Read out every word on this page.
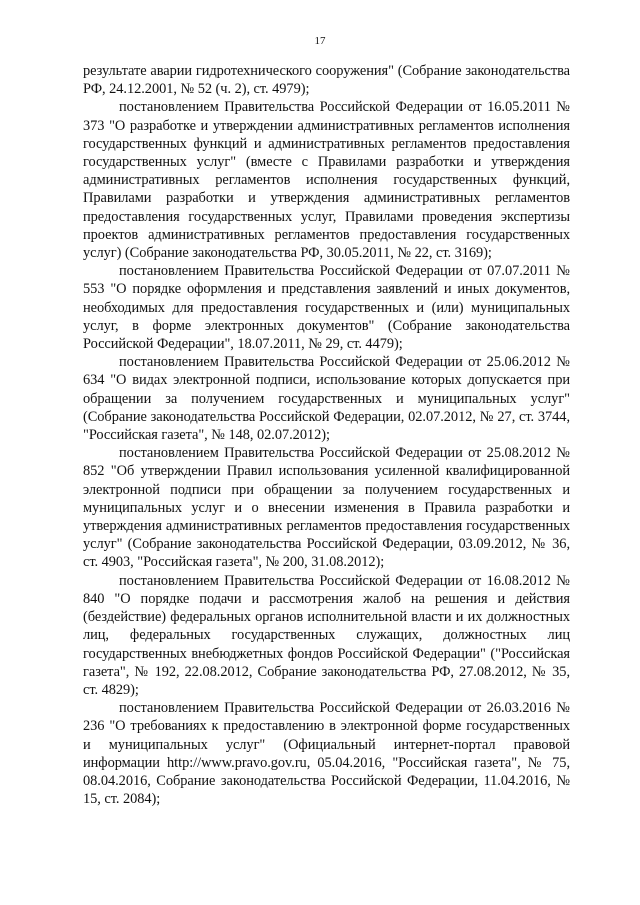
17

результате аварии гидротехнического сооружения" (Собрание законодательства РФ, 24.12.2001, № 52 (ч. 2), ст. 4979);

постановлением Правительства Российской Федерации от 16.05.2011 № 373 "О разработке и утверждении административных регламентов исполнения государственных функций и административных регламентов предоставления государственных услуг" (вместе с Правилами разработки и утверждения административных регламентов исполнения государственных функций, Правилами разработки и утверждения административных регламентов предоставления государственных услуг, Правилами проведения экспертизы проектов административных регламентов предоставления государственных услуг) (Собрание законодательства РФ, 30.05.2011, № 22, ст. 3169);

постановлением Правительства Российской Федерации от 07.07.2011 № 553 "О порядке оформления и представления заявлений и иных документов, необходимых для предоставления государственных и (или) муниципальных услуг, в форме электронных документов" (Собрание законодательства Российской Федерации", 18.07.2011, № 29, ст. 4479);

постановлением Правительства Российской Федерации от 25.06.2012 № 634 "О видах электронной подписи, использование которых допускается при обращении за получением государственных и муниципальных услуг" (Собрание законодательства Российской Федерации, 02.07.2012, № 27, ст. 3744, "Российская газета", № 148, 02.07.2012);

постановлением Правительства Российской Федерации от 25.08.2012 № 852 "Об утверждении Правил использования усиленной квалифицированной электронной подписи при обращении за получением государственных и муниципальных услуг и о внесении изменения в Правила разработки и утверждения административных регламентов предоставления государственных услуг" (Собрание законодательства Российской Федерации, 03.09.2012, № 36, ст. 4903, "Российская газета", № 200, 31.08.2012);

постановлением Правительства Российской Федерации от 16.08.2012 № 840 "О порядке подачи и рассмотрения жалоб на решения и действия (бездействие) федеральных органов исполнительной власти и их должностных лиц, федеральных государственных служащих, должностных лиц государственных внебюджетных фондов Российской Федерации" ("Российская газета", № 192, 22.08.2012, Собрание законодательства РФ, 27.08.2012, № 35, ст. 4829);

постановлением Правительства Российской Федерации от 26.03.2016 № 236 "О требованиях к предоставлению в электронной форме государственных и муниципальных услуг" (Официальный интернет-портал правовой информации http://www.pravo.gov.ru, 05.04.2016, "Российская газета", № 75, 08.04.2016, Собрание законодательства Российской Федерации, 11.04.2016, № 15, ст. 2084);
